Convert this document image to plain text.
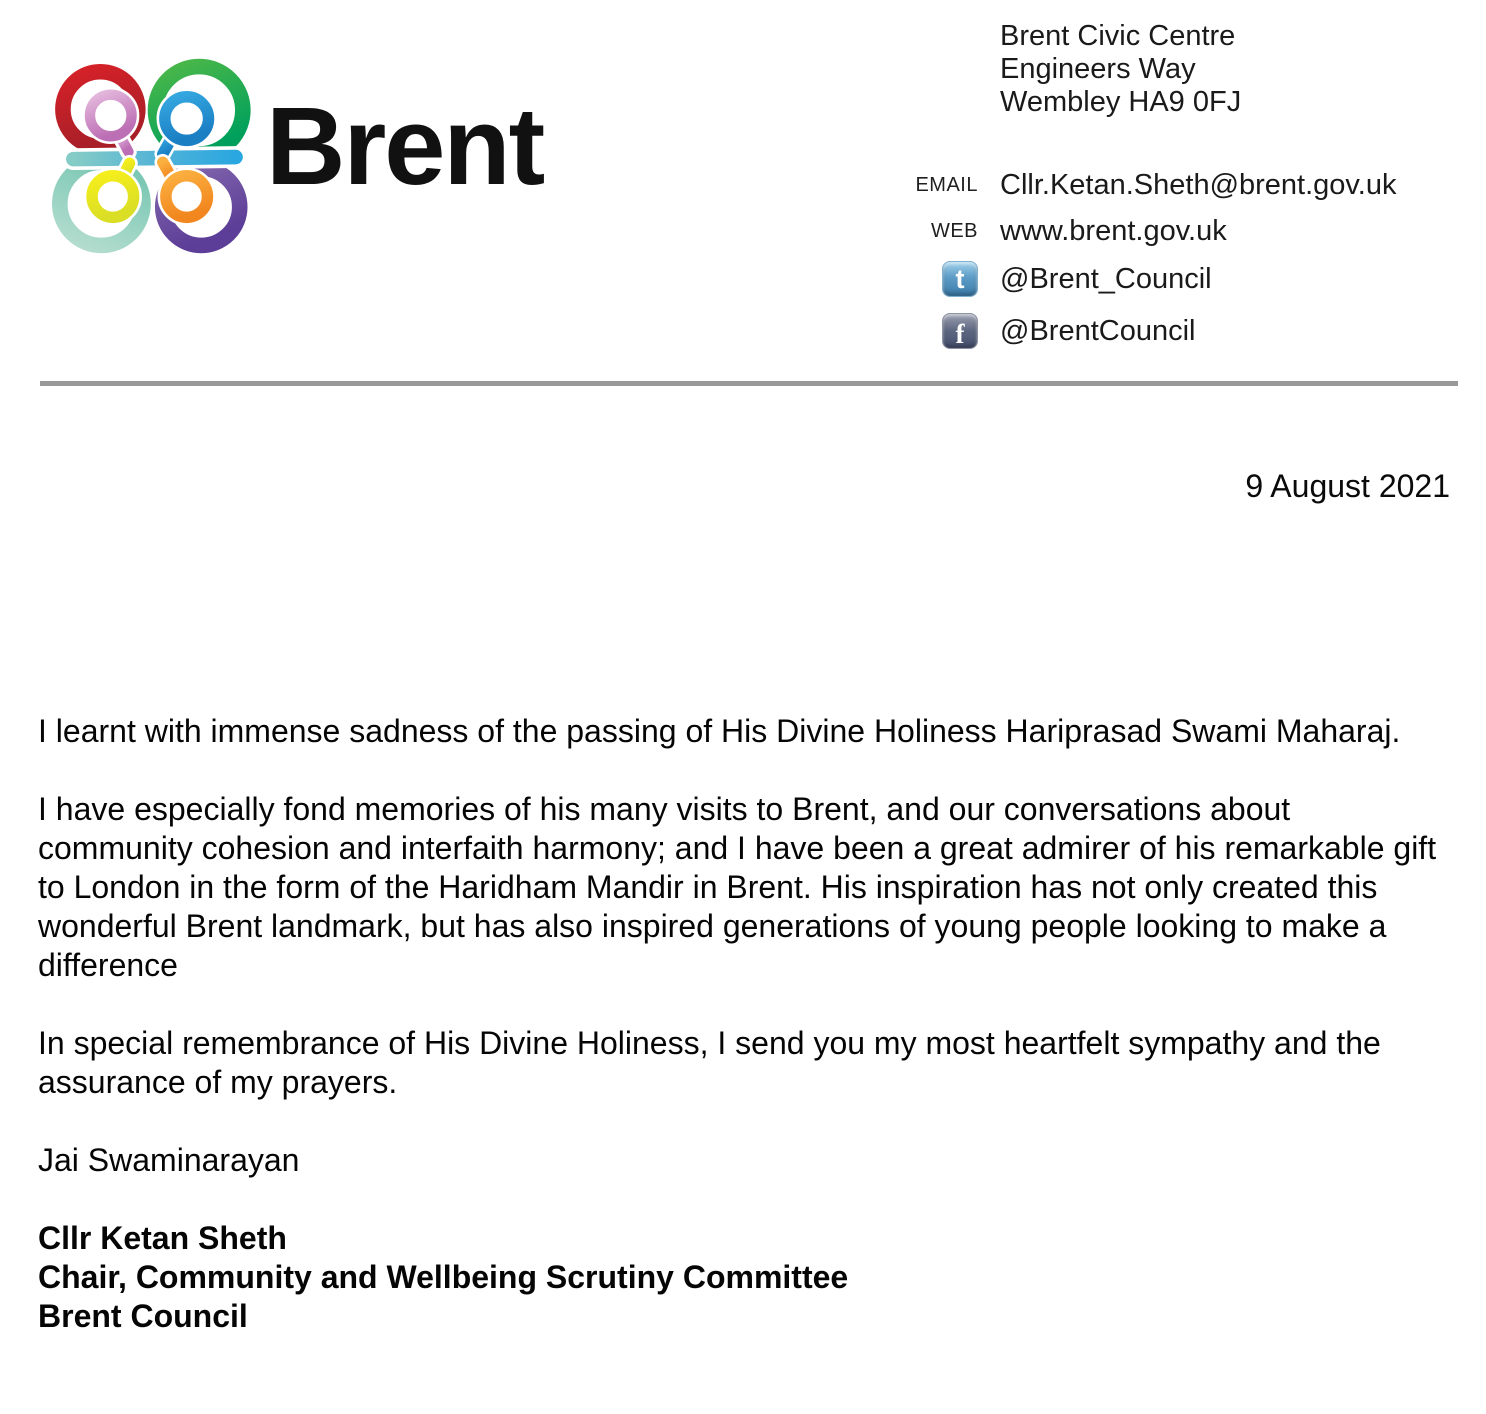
Brent
Brent Civic Centre
Engineers Way
Wembley HA9 0FJ
EMAIL Cllr.Ketan.Sheth@brent.gov.uk
WEB www.brent.gov.uk
t @Brent_Council
f @BrentCouncil
9 August 2021

I learnt with immense sadness of the passing of His Divine Holiness Hariprasad Swami Maharaj.

I have especially fond memories of his many visits to Brent, and our conversations about community cohesion and interfaith harmony; and I have been a great admirer of his remarkable gift to London in the form of the Haridham Mandir in Brent. His inspiration has not only created this wonderful Brent landmark, but has also inspired generations of young people looking to make a difference

In special remembrance of His Divine Holiness, I send you my most heartfelt sympathy and the assurance of my prayers.

Jai Swaminarayan

Cllr Ketan Sheth
Chair, Community and Wellbeing Scrutiny Committee
Brent Council
